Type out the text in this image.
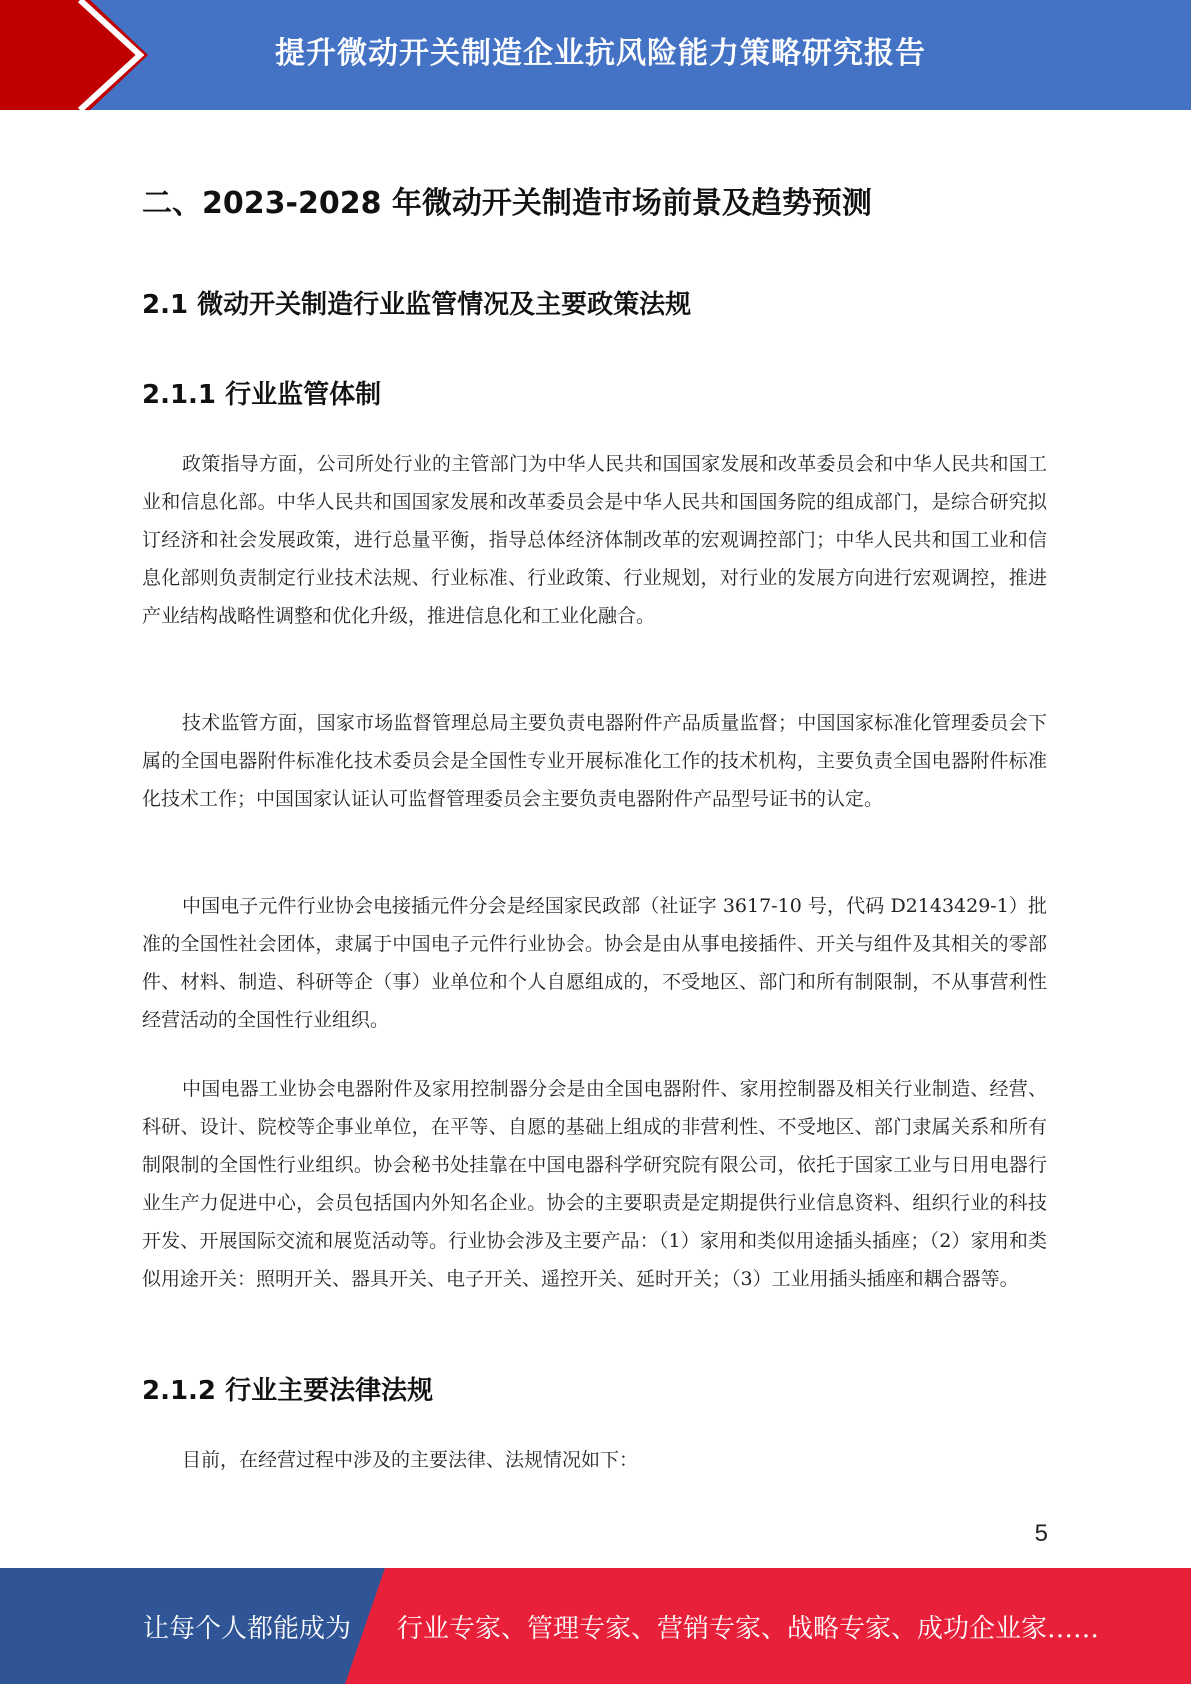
提升微动开关制造企业抗风险能力策略研究报告
二、2023-2028 年微动开关制造市场前景及趋势预测
2.1 微动开关制造行业监管情况及主要政策法规
2.1.1 行业监管体制
政策指导方面，公司所处行业的主管部门为中华人民共和国国家发展和改革委员会和中华人民共和国工业和信息化部。中华人民共和国国家发展和改革委员会是中华人民共和国国务院的组成部门，是综合研究拟订经济和社会发展政策，进行总量平衡，指导总体经济体制改革的宏观调控部门；中华人民共和国工业和信息化部则负责制定行业技术法规、行业标准、行业政策、行业规划，对行业的发展方向进行宏观调控，推进产业结构战略性调整和优化升级，推进信息化和工业化融合。
技术监管方面，国家市场监督管理总局主要负责电器附件产品质量监督；中国国家标准化管理委员会下属的全国电器附件标准化技术委员会是全国性专业开展标准化工作的技术机构，主要负责全国电器附件标准化技术工作；中国国家认证认可监督管理委员会主要负责电器附件产品型号证书的认定。
中国电子元件行业协会电接插元件分会是经国家民政部（社证字 3617-10 号，代码 D2143429-1）批准的全国性社会团体，隶属于中国电子元件行业协会。协会是由从事电接插件、开关与组件及其相关的零部件、材料、制造、科研等企（事）业单位和个人自愿组成的，不受地区、部门和所有制限制，不从事营利性经营活动的全国性行业组织。
中国电器工业协会电器附件及家用控制器分会是由全国电器附件、家用控制器及相关行业制造、经营、科研、设计、院校等企事业单位，在平等、自愿的基础上组成的非营利性、不受地区、部门隶属关系和所有制限制的全国性行业组织。协会秘书处挂靠在中国电器科学研究院有限公司，依托于国家工业与日用电器行业生产力促进中心，会员包括国内外知名企业。协会的主要职责是定期提供行业信息资料、组织行业的科技开发、开展国际交流和展览活动等。行业协会涉及主要产品：（1）家用和类似用途插头插座；（2）家用和类似用途开关：照明开关、器具开关、电子开关、遥控开关、延时开关；（3）工业用插头插座和耦合器等。
2.1.2 行业主要法律法规
目前，在经营过程中涉及的主要法律、法规情况如下：
5
让每个人都能成为 行业专家、管理专家、营销专家、战略专家、成功企业家……
